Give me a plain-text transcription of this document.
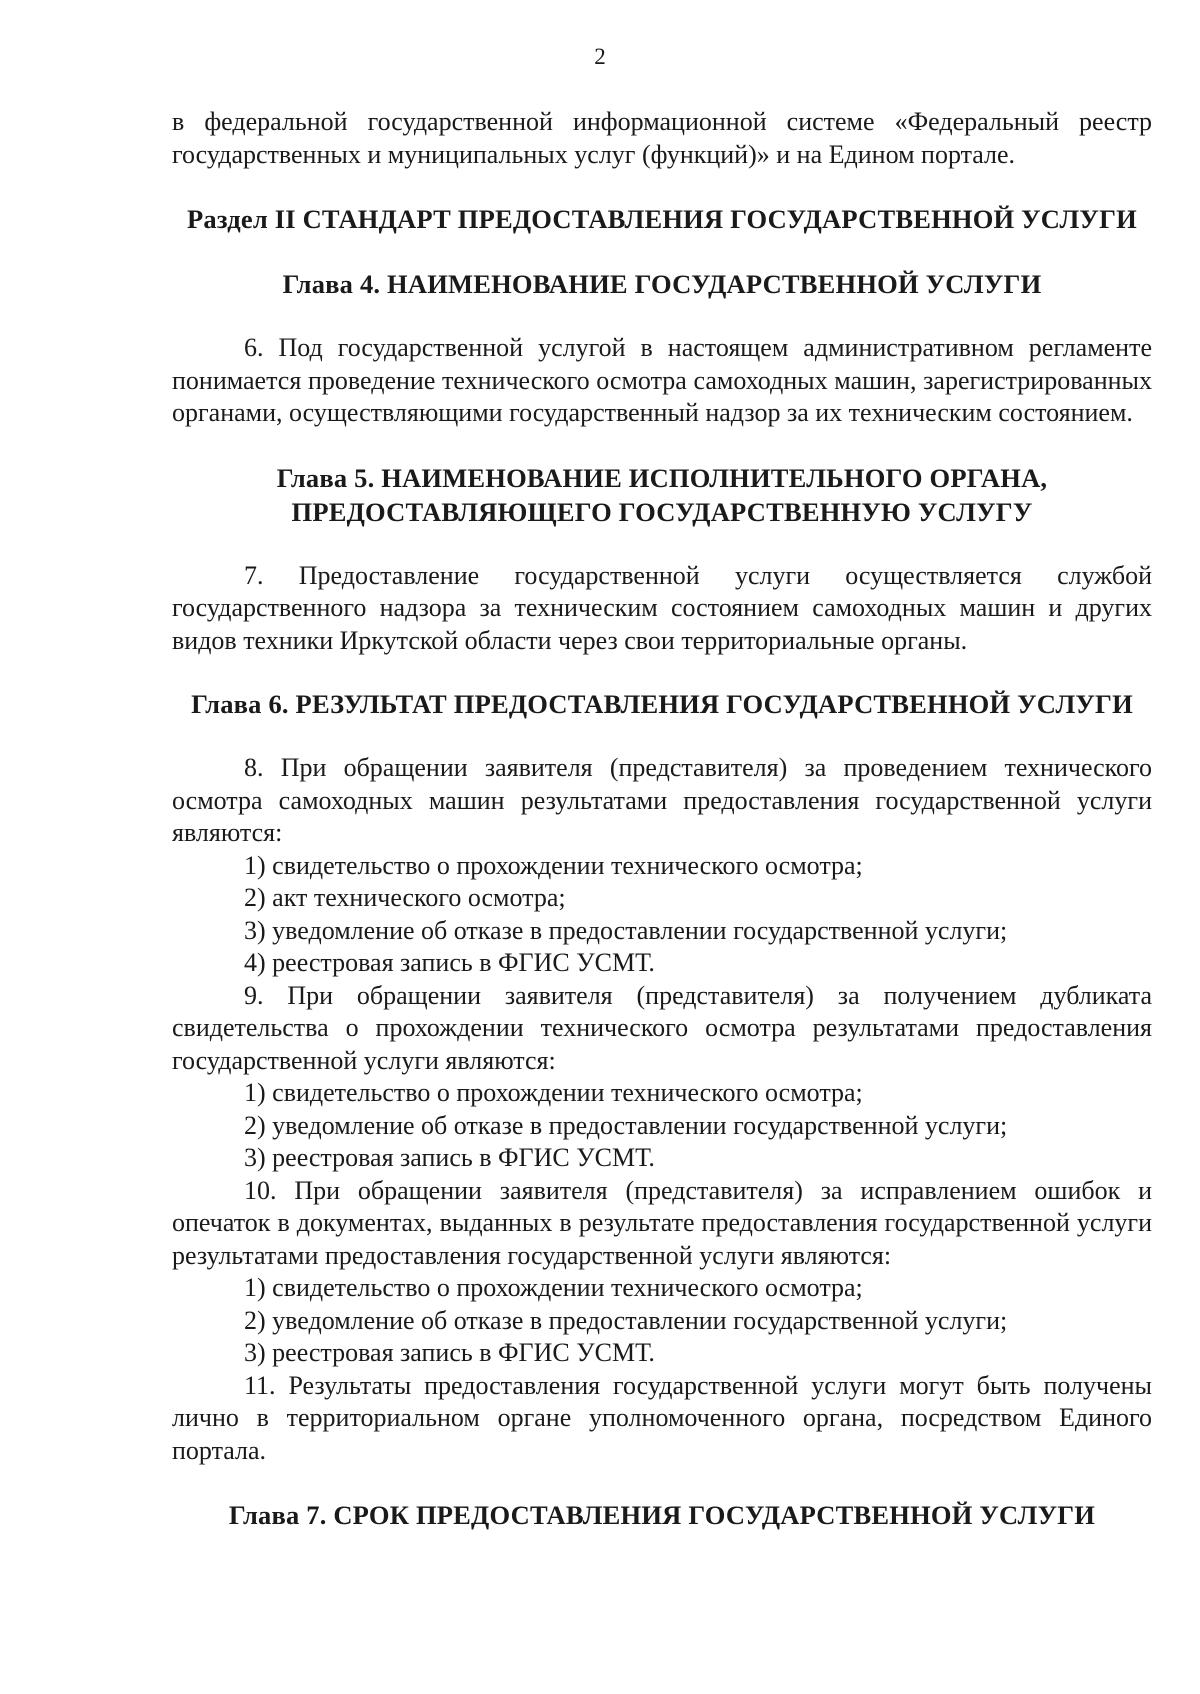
2

в федеральной государственной информационной системе «Федеральный реестр государственных и муниципальных услуг (функций)» и на Едином портале.

Раздел II СТАНДАРТ ПРЕДОСТАВЛЕНИЯ ГОСУДАРСТВЕННОЙ УСЛУГИ
Глава 4. НАИМЕНОВАНИЕ ГОСУДАРСТВЕННОЙ УСЛУГИ

6. Под государственной услугой в настоящем административном регламенте понимается проведение технического осмотра самоходных машин, зарегистрированных органами, осуществляющими государственный надзор за их техническим состоянием.

Глава 5. НАИМЕНОВАНИЕ ИСПОЛНИТЕЛЬНОГО ОРГАНА,
ПРЕДОСТАВЛЯЮЩЕГО ГОСУДАРСТВЕННУЮ УСЛУГУ

7. Предоставление государственной услуги осуществляется службой государственного надзора за техническим состоянием самоходных машин и других видов техники Иркутской области через свои территориальные органы.

Глава 6. РЕЗУЛЬТАТ ПРЕДОСТАВЛЕНИЯ ГОСУДАРСТВЕННОЙ УСЛУГИ

8. При обращении заявителя (представителя) за проведением технического осмотра самоходных машин результатами предоставления государственной услуги являются:

1) свидетельство о прохождении технического осмотра;

2) акт технического осмотра;

3) уведомление об отказе в предоставлении государственной услуги;

4) реестровая запись в ФГИС УСМТ.

9. При обращении заявителя (представителя) за получением дубликата свидетельства о прохождении технического осмотра результатами предоставления государственной услуги являются:

1) свидетельство о прохождении технического осмотра;

2) уведомление об отказе в предоставлении государственной услуги;

3) реестровая запись в ФГИС УСМТ.

10. При обращении заявителя (представителя) за исправлением ошибок и опечаток в документах, выданных в результате предоставления государственной услуги результатами предоставления государственной услуги являются:

1) свидетельство о прохождении технического осмотра;

2) уведомление об отказе в предоставлении государственной услуги;

3) реестровая запись в ФГИС УСМТ.

11. Результаты предоставления государственной услуги могут быть получены лично в территориальном органе уполномоченного органа, посредством Единого портала.

Глава 7. СРОК ПРЕДОСТАВЛЕНИЯ ГОСУДАРСТВЕННОЙ УСЛУГИ
